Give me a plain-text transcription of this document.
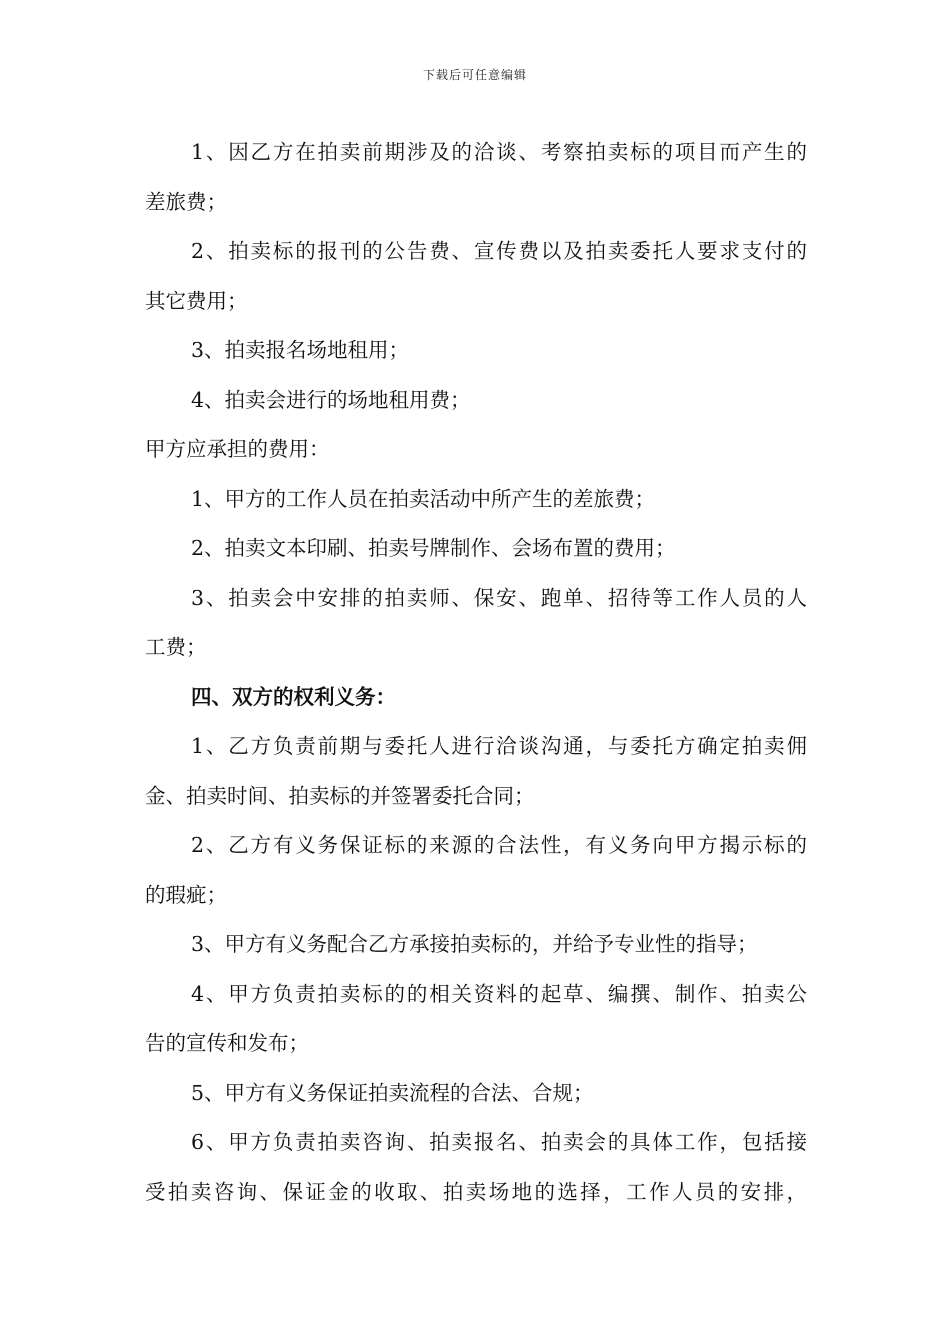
下载后可任意编辑
1、因乙方在拍卖前期涉及的洽谈、考察拍卖标的项目而产生的
差旅费；
2、拍卖标的报刊的公告费、宣传费以及拍卖委托人要求支付的
其它费用；
3、拍卖报名场地租用；
4、拍卖会进行的场地租用费；
甲方应承担的费用：
1、甲方的工作人员在拍卖活动中所产生的差旅费；
2、拍卖文本印刷、拍卖号牌制作、会场布置的费用；
3、拍卖会中安排的拍卖师、保安、跑单、招待等工作人员的人
工费；
四、双方的权利义务：
1、乙方负责前期与委托人进行洽谈沟通，与委托方确定拍卖佣
金、拍卖时间、拍卖标的并签署委托合同；
2、乙方有义务保证标的来源的合法性，有义务向甲方揭示标的
的瑕疵；
3、甲方有义务配合乙方承接拍卖标的，并给予专业性的指导；
4、甲方负责拍卖标的的相关资料的起草、编撰、制作、拍卖公
告的宣传和发布；
5、甲方有义务保证拍卖流程的合法、合规；
6、甲方负责拍卖咨询、拍卖报名、拍卖会的具体工作，包括接
受拍卖咨询、保证金的收取、拍卖场地的选择，工作人员的安排，
